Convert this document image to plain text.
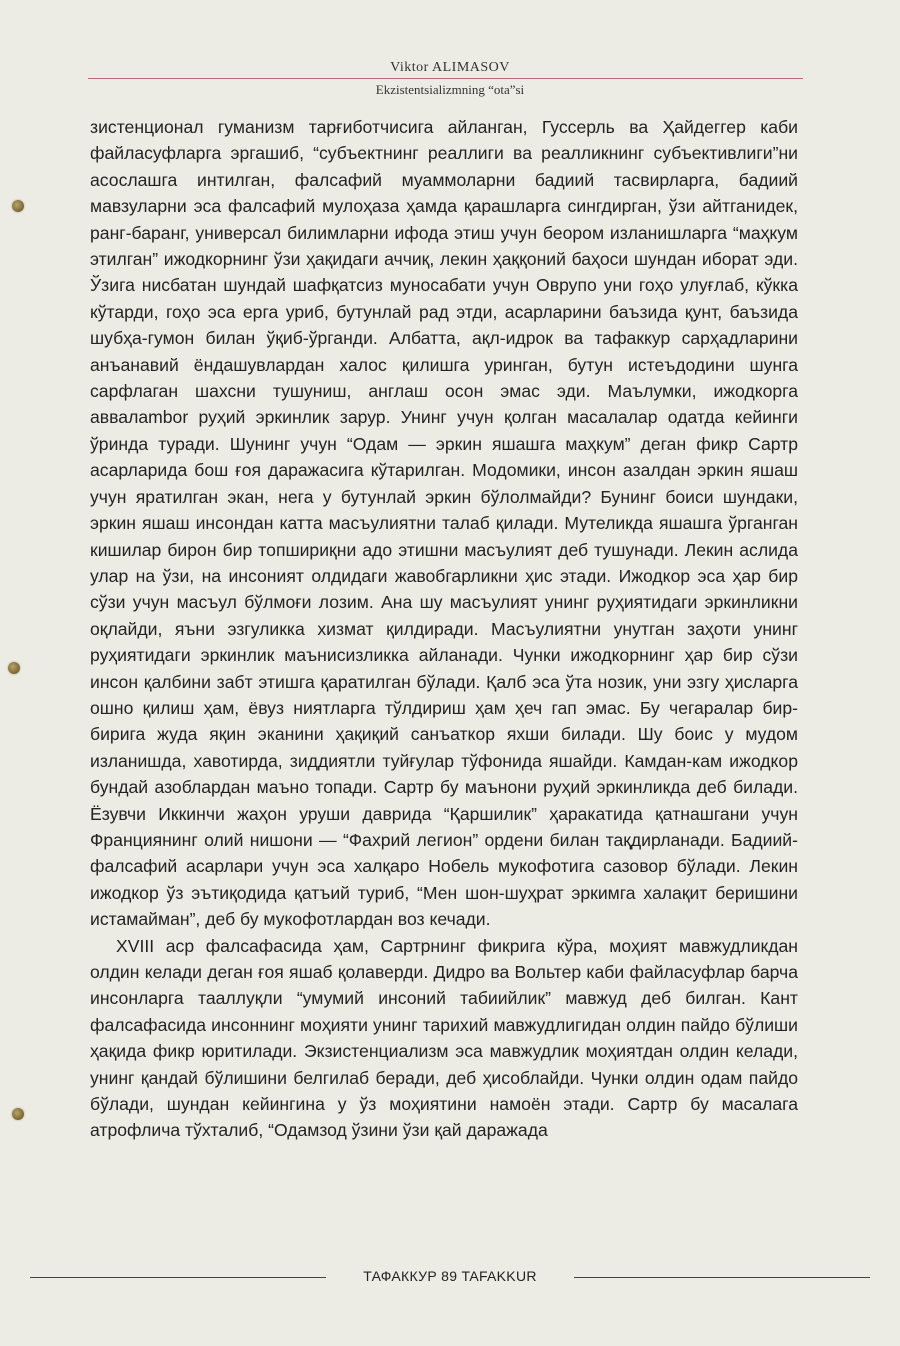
Viktor ALIMASOV
Ekzistentsializmning “ota”si

зистенционал гуманизм тарғиботчисига айланган, Гуссерль ва Ҳайдеггер каби файласуфларга эргашиб, “субъектнинг реаллиги ва реалликнинг субъективлиги”ни асослашга интилган, фалсафий муаммоларни бадиий тасвирларга, бадиий мавзуларни эса фалсафий мулоҳаза ҳамда қарашларга сингдирган, ўзи айтганидек, ранг-баранг, универсал билимларни ифода этиш учун беором изланишларга “маҳкум этилган” ижодкорнинг ўзи ҳақидаги аччиқ, лекин ҳаққоний баҳоси шундан иборат эди. Ўзига нисбатан шундай шафқатсиз муносабати учун Оврупо уни гоҳо улуғлаб, кўкка кўтарди, гоҳо эса ерга уриб, бутунлай рад этди, асарларини баъзида қунт, баъзида шубҳа-гумон билан ўқиб-ўрганди. Албатта, ақл-идрок ва тафаккур сарҳадларини анъанавий ёндашувлардан халос қилишга уринган, бутун истеъдодини шунга сарфлаган шахсни тушуниш, англаш осон эмас эди. Маълумки, ижодкорга аввалambor руҳий эркинлик зарур. Унинг учун қолган масалалар одатда кейинги ўринда туради. Шунинг учун “Одам — эркин яшашга маҳкум” деган фикр Сартр асарларида бош ғоя даражасига кўтарилган. Модомики, инсон азалдан эркин яшаш учун яратилган экан, нега у бутунлай эркин бўлолмайди? Бунинг боиси шундаки, эркин яшаш инсондан катта масъулиятни талаб қилади. Мутеликда яшашга ўрганган кишилар бирон бир топшириқни адо этишни масъулият деб тушунади. Лекин аслида улар на ўзи, на инсоният олдидаги жавобгарликни ҳис этади. Ижодкор эса ҳар бир сўзи учун масъул бўлмоғи лозим. Ана шу масъулият унинг руҳиятидаги эркинликни оқлайди, яъни эзгуликка хизмат қилдиради. Масъулиятни унутган заҳоти унинг руҳиятидаги эркинлик маънисизликка айланади. Чунки ижодкорнинг ҳар бир сўзи инсон қалбини забт этишга қаратилган бўлади. Қалб эса ўта нозик, уни эзгу ҳисларга ошно қилиш ҳам, ёвуз ниятларга тўлдириш ҳам ҳеч гап эмас. Бу чегаралар бир-бирига жуда яқин эканини ҳақиқий санъаткор яхши билади. Шу боис у мудом изланишда, хавотирда, зиддиятли туйғулар тўфонида яшайди. Камдан-кам ижодкор бундай азоблардан маъно топади. Сартр бу маънони руҳий эркинликда деб билади. Ёзувчи Иккинчи жаҳон уруши даврида “Қаршилик” ҳаракатида қатнашгани учун Франциянинг олий нишони — “Фахрий легион” ордени билан тақдирланади. Бадиий-фалсафий асарлари учун эса халқаро Нобель мукофотига сазовор бўлади. Лекин ижодкор ўз эътиқодида қатъий туриб, “Мен шон-шуҳрат эркимга халақит беришини истамайман”, деб бу мукофотлардан воз кечади.

XVIII аср фалсафасида ҳам, Сартрнинг фикрига кўра, моҳият мавжудликдан олдин келади деган ғоя яшаб қолаверди. Дидро ва Вольтер каби файласуфлар барча инсонларга тааллуқли “умумий инсоний табиийлик” мавжуд деб билган. Кант фалсафасида инсоннинг моҳияти унинг тарихий мавжудлигидан олдин пайдо бўлиши ҳақида фикр юритилади. Экзистенциализм эса мавжудлик моҳиятдан олдин келади, унинг қандай бўлишини белгилаб беради, деб ҳисоблайди. Чунки олдин одам пайдо бўлади, шундан кейингина у ўз моҳиятини намоён этади. Сартр бу масалага атрофлича тўхталиб, “Одамзод ўзини ўзи қай даражада

ТАФАККУР 89 TAFAKKUR
